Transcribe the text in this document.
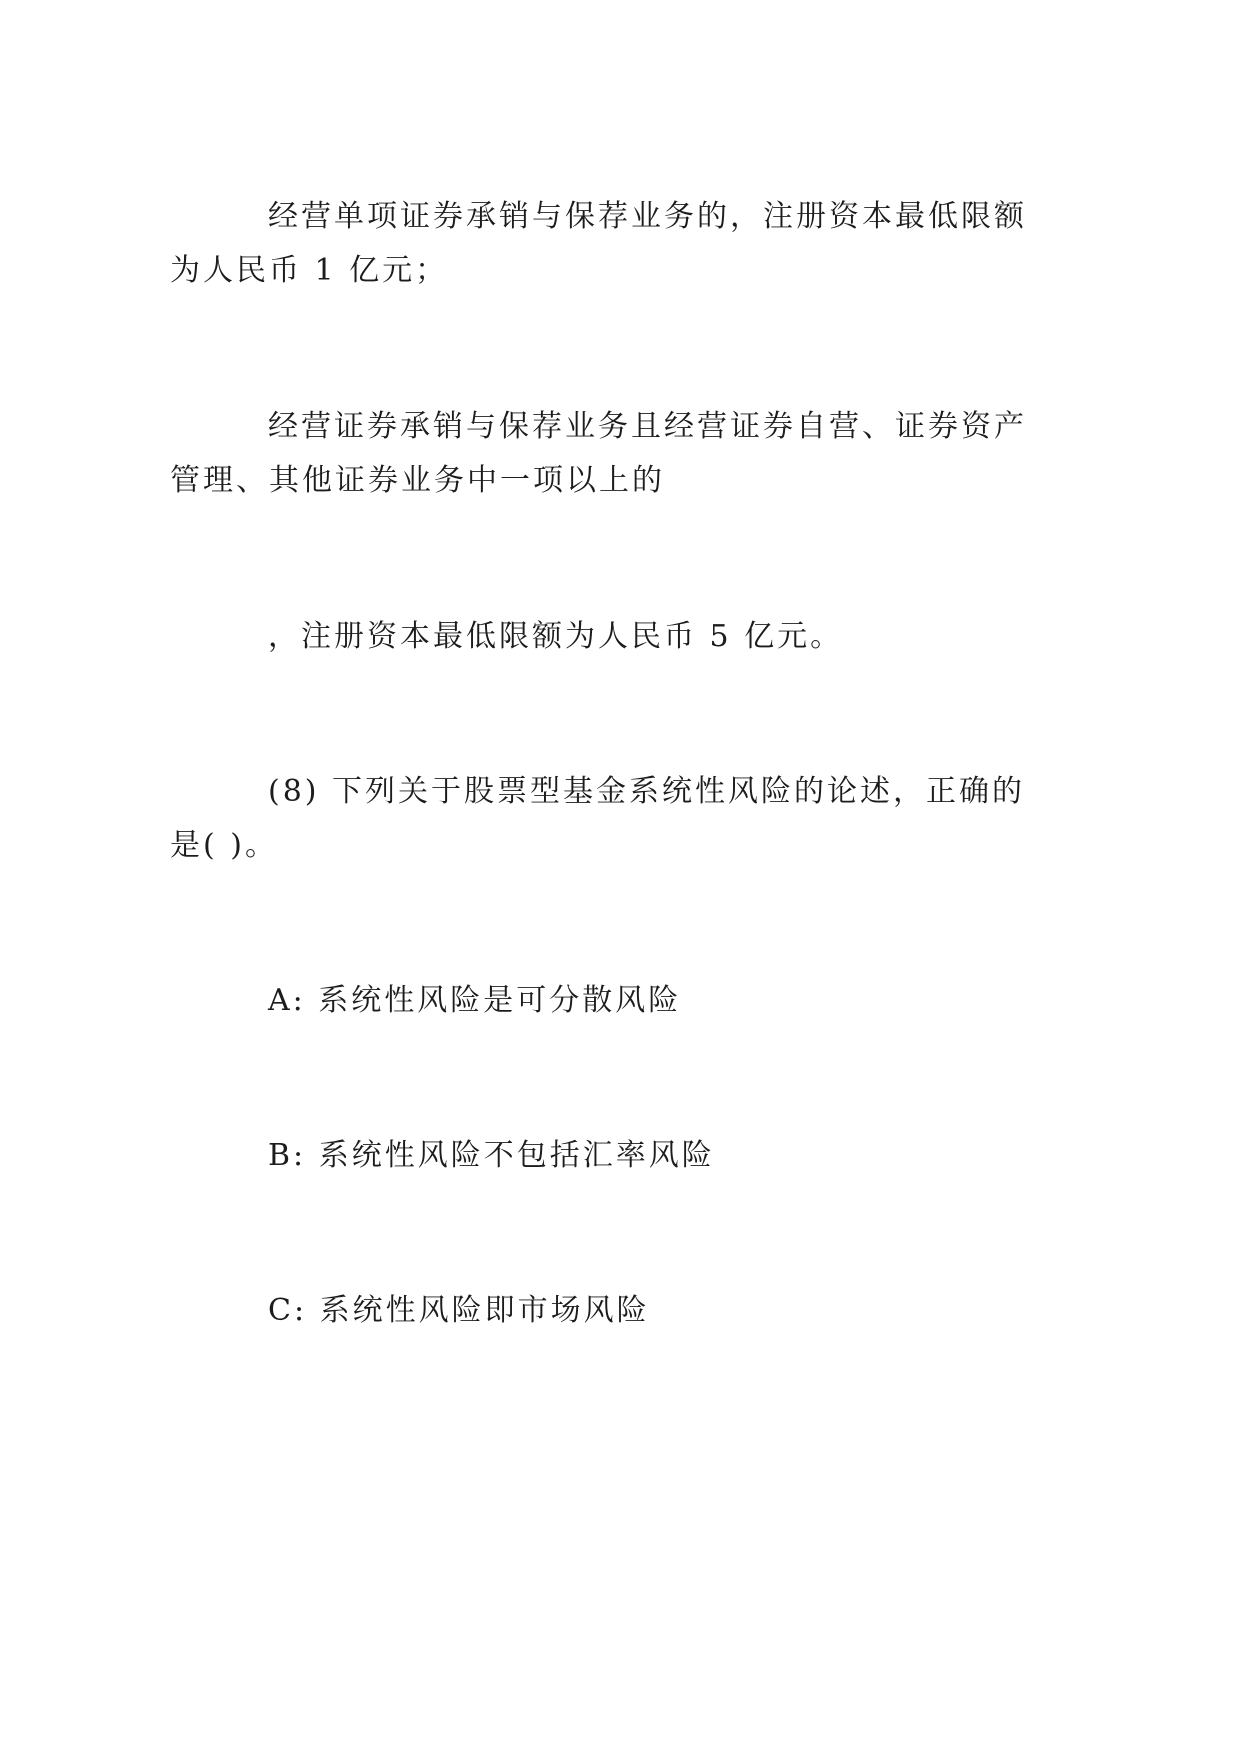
经营单项证券承销与保荐业务的，注册资本最低限额
为人民币 1 亿元；
经营证券承销与保荐业务且经营证券自营、证券资产
管理、其他证券业务中一项以上的
，注册资本最低限额为人民币 5 亿元。
(8) 下列关于股票型基金系统性风险的论述，正确的
是( )。
A: 系统性风险是可分散风险
B: 系统性风险不包括汇率风险
C: 系统性风险即市场风险
